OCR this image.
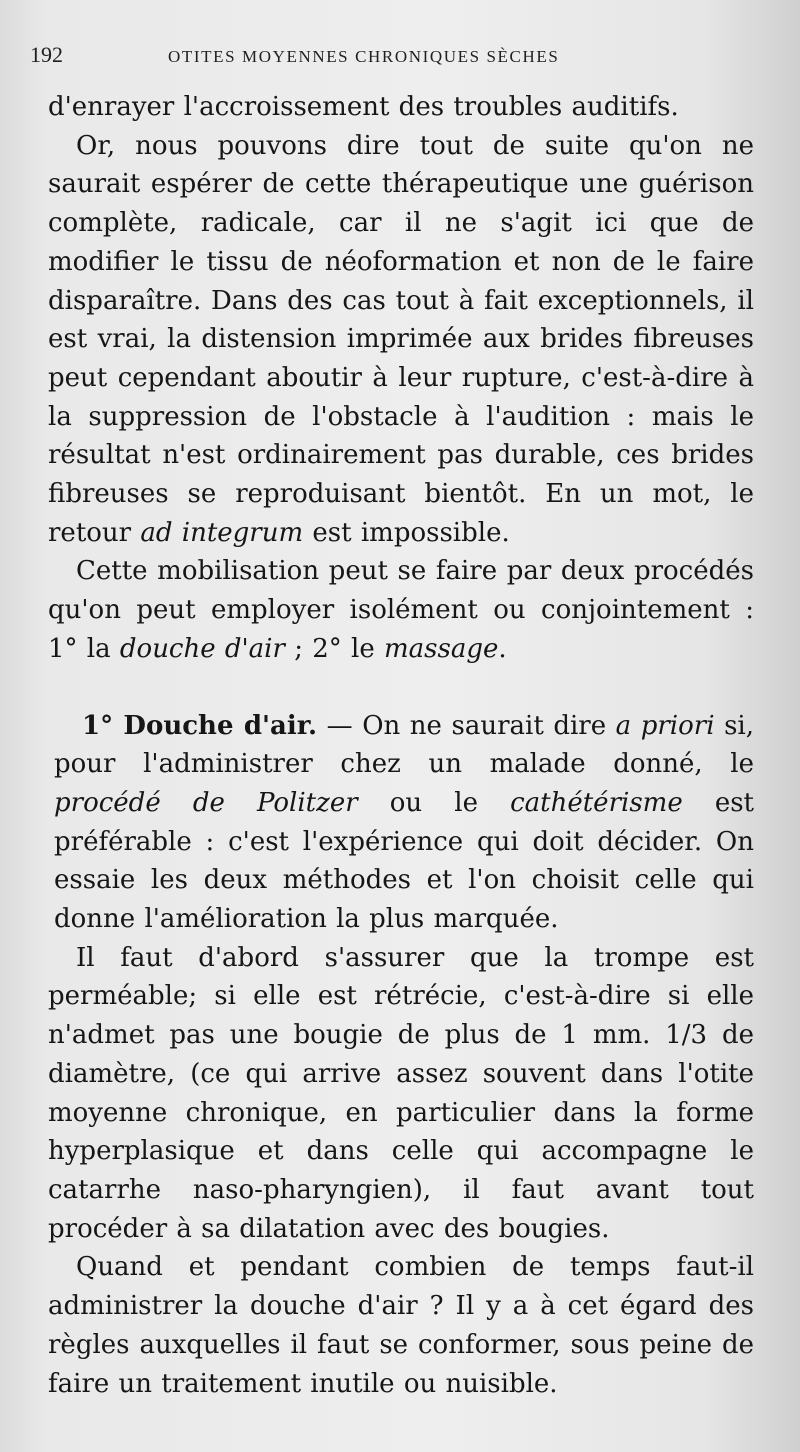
192	OTITES MOYENNES CHRONIQUES SÈCHES

d'enrayer l'accroissement des troubles auditifs.

Or, nous pouvons dire tout de suite qu'on ne saurait espérer de cette thérapeutique une guérison complète, radicale, car il ne s'agit ici que de modifier le tissu de néoformation et non de le faire disparaître. Dans des cas tout à fait exceptionnels, il est vrai, la distension imprimée aux brides fibreuses peut cependant aboutir à leur rupture, c'est-à-dire à la suppression de l'obstacle à l'audition : mais le résultat n'est ordinairement pas durable, ces brides fibreuses se reproduisant bientôt. En un mot, le retour ad integrum est impossible.

Cette mobilisation peut se faire par deux procédés qu'on peut employer isolément ou conjointement : 1° la douche d'air ; 2° le massage.

1° Douche d'air. — On ne saurait dire a priori si, pour l'administrer chez un malade donné, le procédé de Politzer ou le cathétérisme est préférable : c'est l'expérience qui doit décider. On essaie les deux méthodes et l'on choisit celle qui donne l'amélioration la plus marquée.

Il faut d'abord s'assurer que la trompe est perméable; si elle est rétrécie, c'est-à-dire si elle n'admet pas une bougie de plus de 1 mm. 1/3 de diamètre, (ce qui arrive assez souvent dans l'otite moyenne chronique, en particulier dans la forme hyperplasique et dans celle qui accompagne le catarrhe naso-pharyngien), il faut avant tout procéder à sa dilatation avec des bougies.

Quand et pendant combien de temps faut-il administrer la douche d'air ? Il y a à cet égard des règles auxquelles il faut se conformer, sous peine de faire un traitement inutile ou nuisible.
